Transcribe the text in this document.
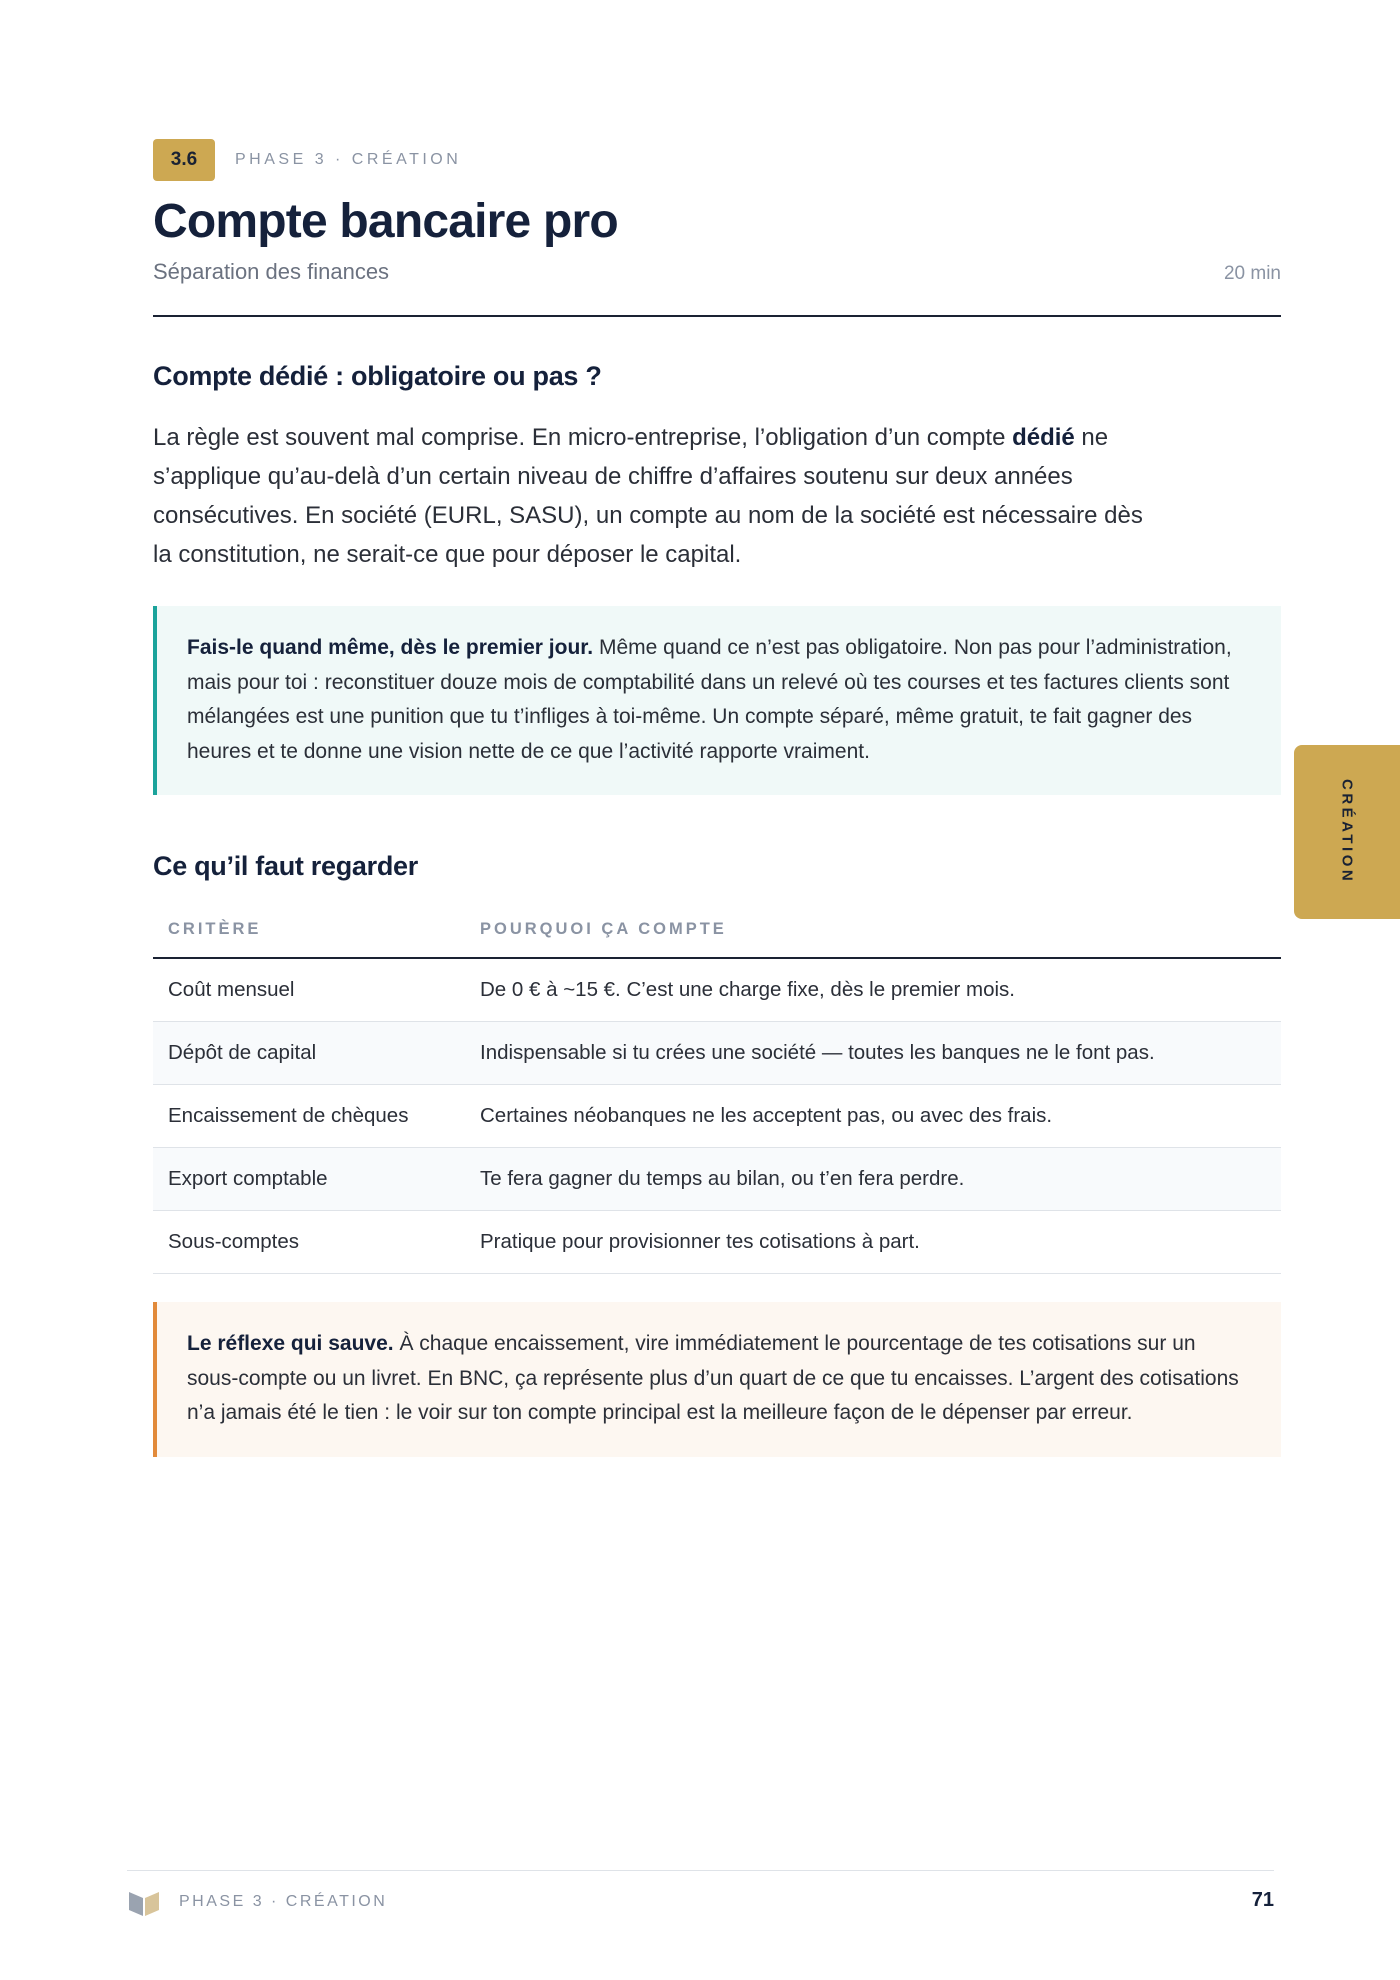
3.6	PHASE 3 · CRÉATION
Compte bancaire pro
Séparation des finances	20 min
Compte dédié : obligatoire ou pas ?

La règle est souvent mal comprise. En micro-entreprise, l’obligation d’un compte dédié ne s’applique qu’au-delà d’un certain niveau de chiffre d’affaires soutenu sur deux années consécutives. En société (EURL, SASU), un compte au nom de la société est nécessaire dès la constitution, ne serait-ce que pour déposer le capital.

Fais-le quand même, dès le premier jour. Même quand ce n’est pas obligatoire. Non pas pour l’administration, mais pour toi : reconstituer douze mois de comptabilité dans un relevé où tes courses et tes factures clients sont mélangées est une punition que tu t’infliges à toi-même. Un compte séparé, même gratuit, te fait gagner des heures et te donne une vision nette de ce que l’activité rapporte vraiment.
Ce qu’il faut regarder
CRITÈRE	POURQUOI ÇA COMPTE
Coût mensuel	De 0 € à ~15 €. C’est une charge fixe, dès le premier mois.
Dépôt de capital	Indispensable si tu crées une société — toutes les banques ne le font pas.
Encaissement de chèques	Certaines néobanques ne les acceptent pas, ou avec des frais.
Export comptable	Te fera gagner du temps au bilan, ou t’en fera perdre.
Sous-comptes	Pratique pour provisionner tes cotisations à part.
Le réflexe qui sauve. À chaque encaissement, vire immédiatement le pourcentage de tes cotisations sur un sous-compte ou un livret. En BNC, ça représente plus d’un quart de ce que tu encaisses. L’argent des cotisations n’a jamais été le tien : le voir sur ton compte principal est la meilleure façon de le dépenser par erreur.
CRÉATION
PHASE 3 · CRÉATION	71
